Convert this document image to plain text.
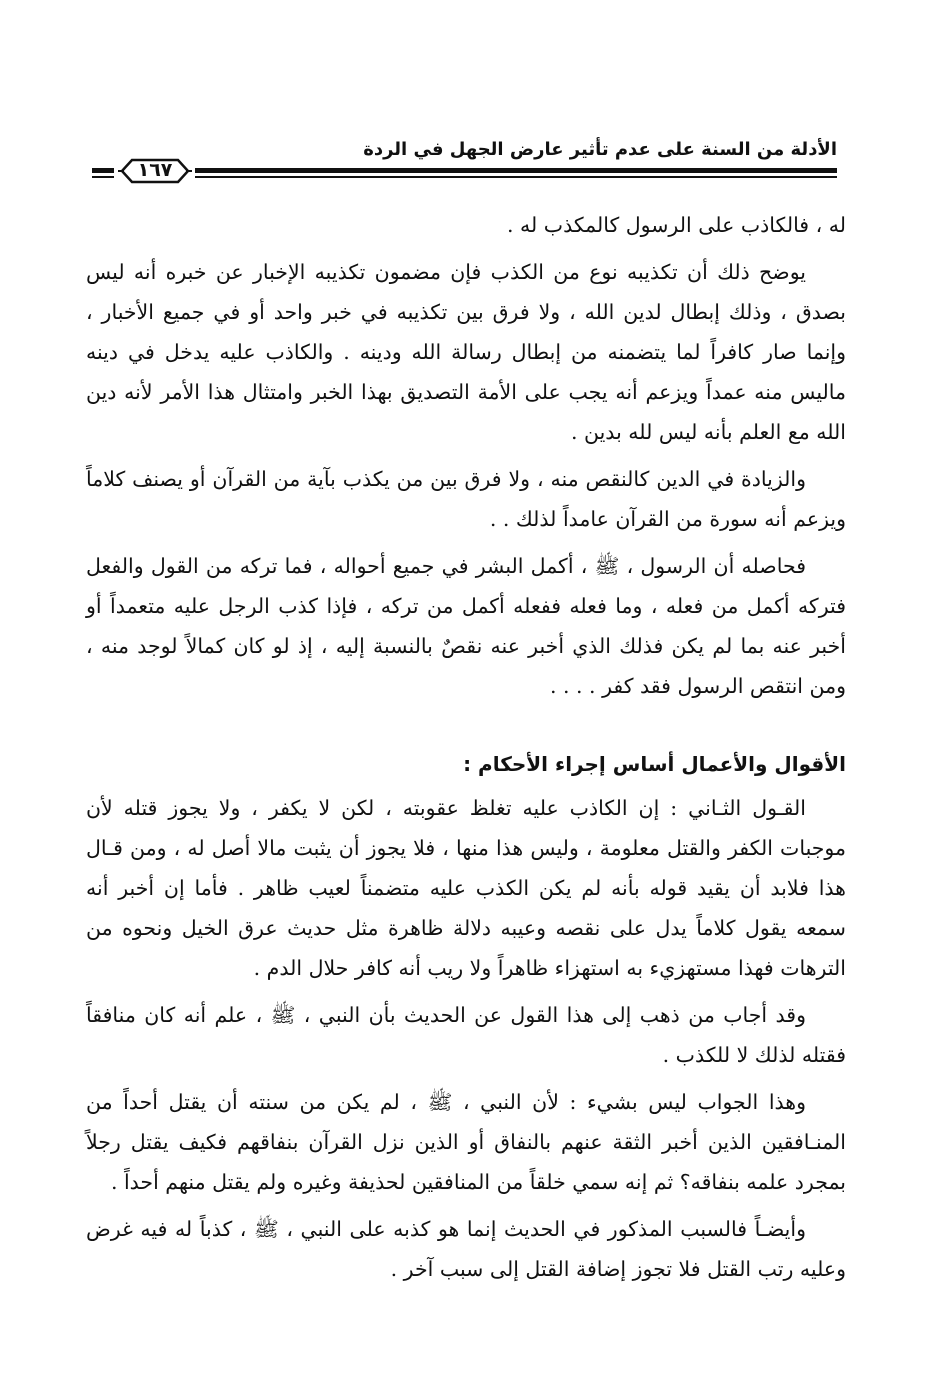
الأدلة من السنة على عدم تأثير عارض الجهل في الردة
١٦٧

له ، فالكاذب على الرسول كالمكذب له .

يوضح ذلك أن تكذيبه نوع من الكذب فإن مضمون تكذيبه الإخبار عن خبره أنه ليس بصدق ، وذلك إبطال لدين الله ، ولا فرق بين تكذيبه في خبر واحد أو في جميع الأخبار ، وإنما صار كافراً لما يتضمنه من إبطال رسالة الله ودينه . والكاذب عليه يدخل في دينه ماليس منه عمداً ويزعم أنه يجب على الأمة التصديق بهذا الخبر وامتثال هذا الأمر لأنه دين الله مع العلم بأنه ليس لله بدين .

والزيادة في الدين كالنقص منه ، ولا فرق بين من يكذب بآية من القرآن أو يصنف كلاماً ويزعم أنه سورة من القرآن عامداً لذلك . .

فحاصله أن الرسول ، ﷺ ، أكمل البشر في جميع أحواله ، فما تركه من القول والفعل فتركه أكمل من فعله ، وما فعله ففعله أكمل من تركه ، فإذا كذب الرجل عليه متعمداً أو أخبر عنه بما لم يكن فذلك الذي أخبر عنه نقصٌ بالنسبة إليه ، إذ لو كان كمالاً لوجد منه ، ومن انتقص الرسول فقد كفر . . . .

الأقوال والأعمال أساس إجراء الأحكام :

القـول الثـاني : إن الكاذب عليه تغلظ عقوبته ، لكن لا يكفر ، ولا يجوز قتله لأن موجبات الكفر والقتل معلومة ، وليس هذا منها ، فلا يجوز أن يثبت مالا أصل له ، ومن قـال هذا فلابد أن يقيد قوله بأنه لم يكن الكذب عليه متضمناً لعيب ظاهر . فأما إن أخبر أنه سمعه يقول كلاماً يدل على نقصه وعيبه دلالة ظاهرة مثل حديث عرق الخيل ونحوه من الترهات فهذا مستهزيء به استهزاء ظاهراً ولا ريب أنه كافر حلال الدم .

وقد أجاب من ذهب إلى هذا القول عن الحديث بأن النبي ، ﷺ ، علم أنه كان منافقاً فقتله لذلك لا للكذب .

وهذا الجواب ليس بشيء : لأن النبي ، ﷺ ، لم يكن من سنته أن يقتل أحداً من المنـافقين الذين أخبر الثقة عنهم بالنفاق أو الذين نزل القرآن بنفاقهم فكيف يقتل رجلاً بمجرد علمه بنفاقه؟ ثم إنه سمي خلقاً من المنافقين لحذيفة وغيره ولم يقتل منهم أحداً .

وأيضـاً فالسبب المذكور في الحديث إنما هو كذبه على النبي ، ﷺ ، كذباً له فيه غرض وعليه رتب القتل فلا تجوز إضافة القتل إلى سبب آخر .
